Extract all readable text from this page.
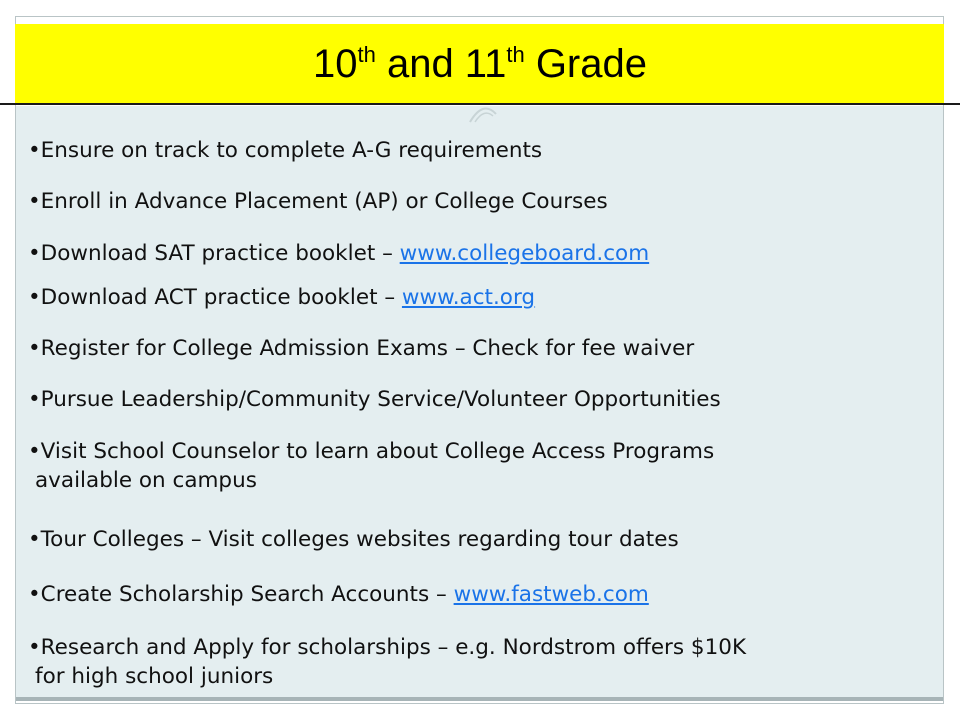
10th and 11th Grade
•Ensure on track to complete A-G requirements
•Enroll in Advance Placement (AP) or College Courses
•Download SAT practice booklet – www.collegeboard.com
•Download ACT practice booklet – www.act.org
•Register for College Admission Exams – Check for fee waiver
•Pursue Leadership/Community Service/Volunteer Opportunities
•Visit School Counselor to learn about College Access Programs
available on campus
•Tour Colleges – Visit colleges websites regarding tour dates
•Create Scholarship Search Accounts – www.fastweb.com
•Research and Apply for scholarships – e.g. Nordstrom offers $10K
for high school juniors
